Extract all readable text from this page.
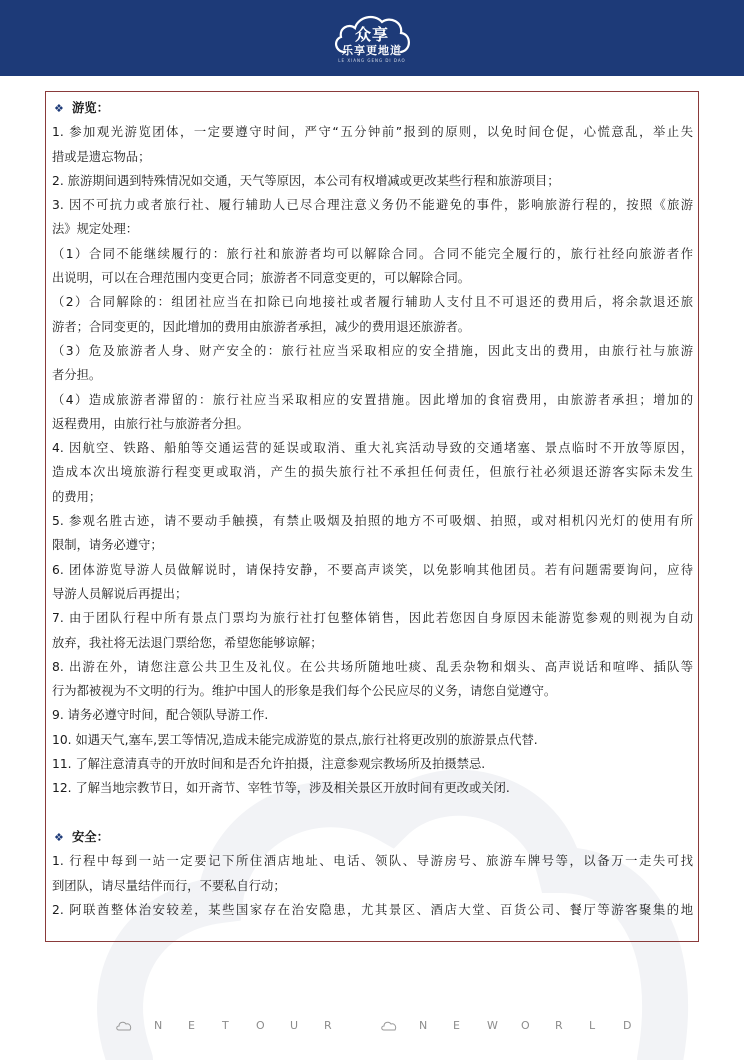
众享
乐享更地道
LE XIANG GENG DI DAO
❖ 游览：
1. 参加观光游览团体，一定要遵守时间，严守“五分钟前”报到的原则，以免时间仓促，心慌意乱，举止失
措或是遗忘物品；
2. 旅游期间遇到特殊情况如交通，天气等原因，本公司有权增减或更改某些行程和旅游项目；
3. 因不可抗力或者旅行社、履行辅助人已尽合理注意义务仍不能避免的事件，影响旅游行程的，按照《旅游
法》规定处理：
（1）合同不能继续履行的：旅行社和旅游者均可以解除合同。合同不能完全履行的，旅行社经向旅游者作
出说明，可以在合理范围内变更合同；旅游者不同意变更的，可以解除合同。
（2）合同解除的：组团社应当在扣除已向地接社或者履行辅助人支付且不可退还的费用后，将余款退还旅
游者；合同变更的，因此增加的费用由旅游者承担，减少的费用退还旅游者。
（3）危及旅游者人身、财产安全的：旅行社应当采取相应的安全措施，因此支出的费用，由旅行社与旅游
者分担。
（4）造成旅游者滞留的：旅行社应当采取相应的安置措施。因此增加的食宿费用，由旅游者承担；增加的
返程费用，由旅行社与旅游者分担。
4. 因航空、铁路、船舶等交通运营的延误或取消、重大礼宾活动导致的交通堵塞、景点临时不开放等原因，
造成本次出境旅游行程变更或取消，产生的损失旅行社不承担任何责任，但旅行社必须退还游客实际未发生
的费用；
5. 参观名胜古迹，请不要动手触摸，有禁止吸烟及拍照的地方不可吸烟、拍照，或对相机闪光灯的使用有所
限制，请务必遵守；
6. 团体游览导游人员做解说时，请保持安静，不要高声谈笑，以免影响其他团员。若有问题需要询问，应待
导游人员解说后再提出；
7. 由于团队行程中所有景点门票均为旅行社打包整体销售，因此若您因自身原因未能游览参观的则视为自动
放弃，我社将无法退门票给您，希望您能够谅解；
8. 出游在外，请您注意公共卫生及礼仪。在公共场所随地吐痰、乱丢杂物和烟头、高声说话和喧哗、插队等
行为都被视为不文明的行为。维护中国人的形象是我们每个公民应尽的义务，请您自觉遵守。
9. 请务必遵守时间，配合领队导游工作.
10. 如遇天气,塞车,罢工等情况,造成未能完成游览的景点,旅行社将更改别的旅游景点代替.
11. 了解注意清真寺的开放时间和是否允许拍摄，注意参观宗教场所及拍摄禁忌.
12. 了解当地宗教节日，如开斋节、宰牲节等，涉及相关景区开放时间有更改或关闭.
❖ 安全：
1. 行程中每到一站一定要记下所住酒店地址、电话、领队、导游房号、旅游车牌号等，以备万一走失可找
到团队，请尽量结伴而行，不要私自行动；
2. 阿联酋整体治安较差，某些国家存在治安隐患，尤其景区、酒店大堂、百货公司、餐厅等游客聚集的地
N E T O U R	N E W O R L	D
